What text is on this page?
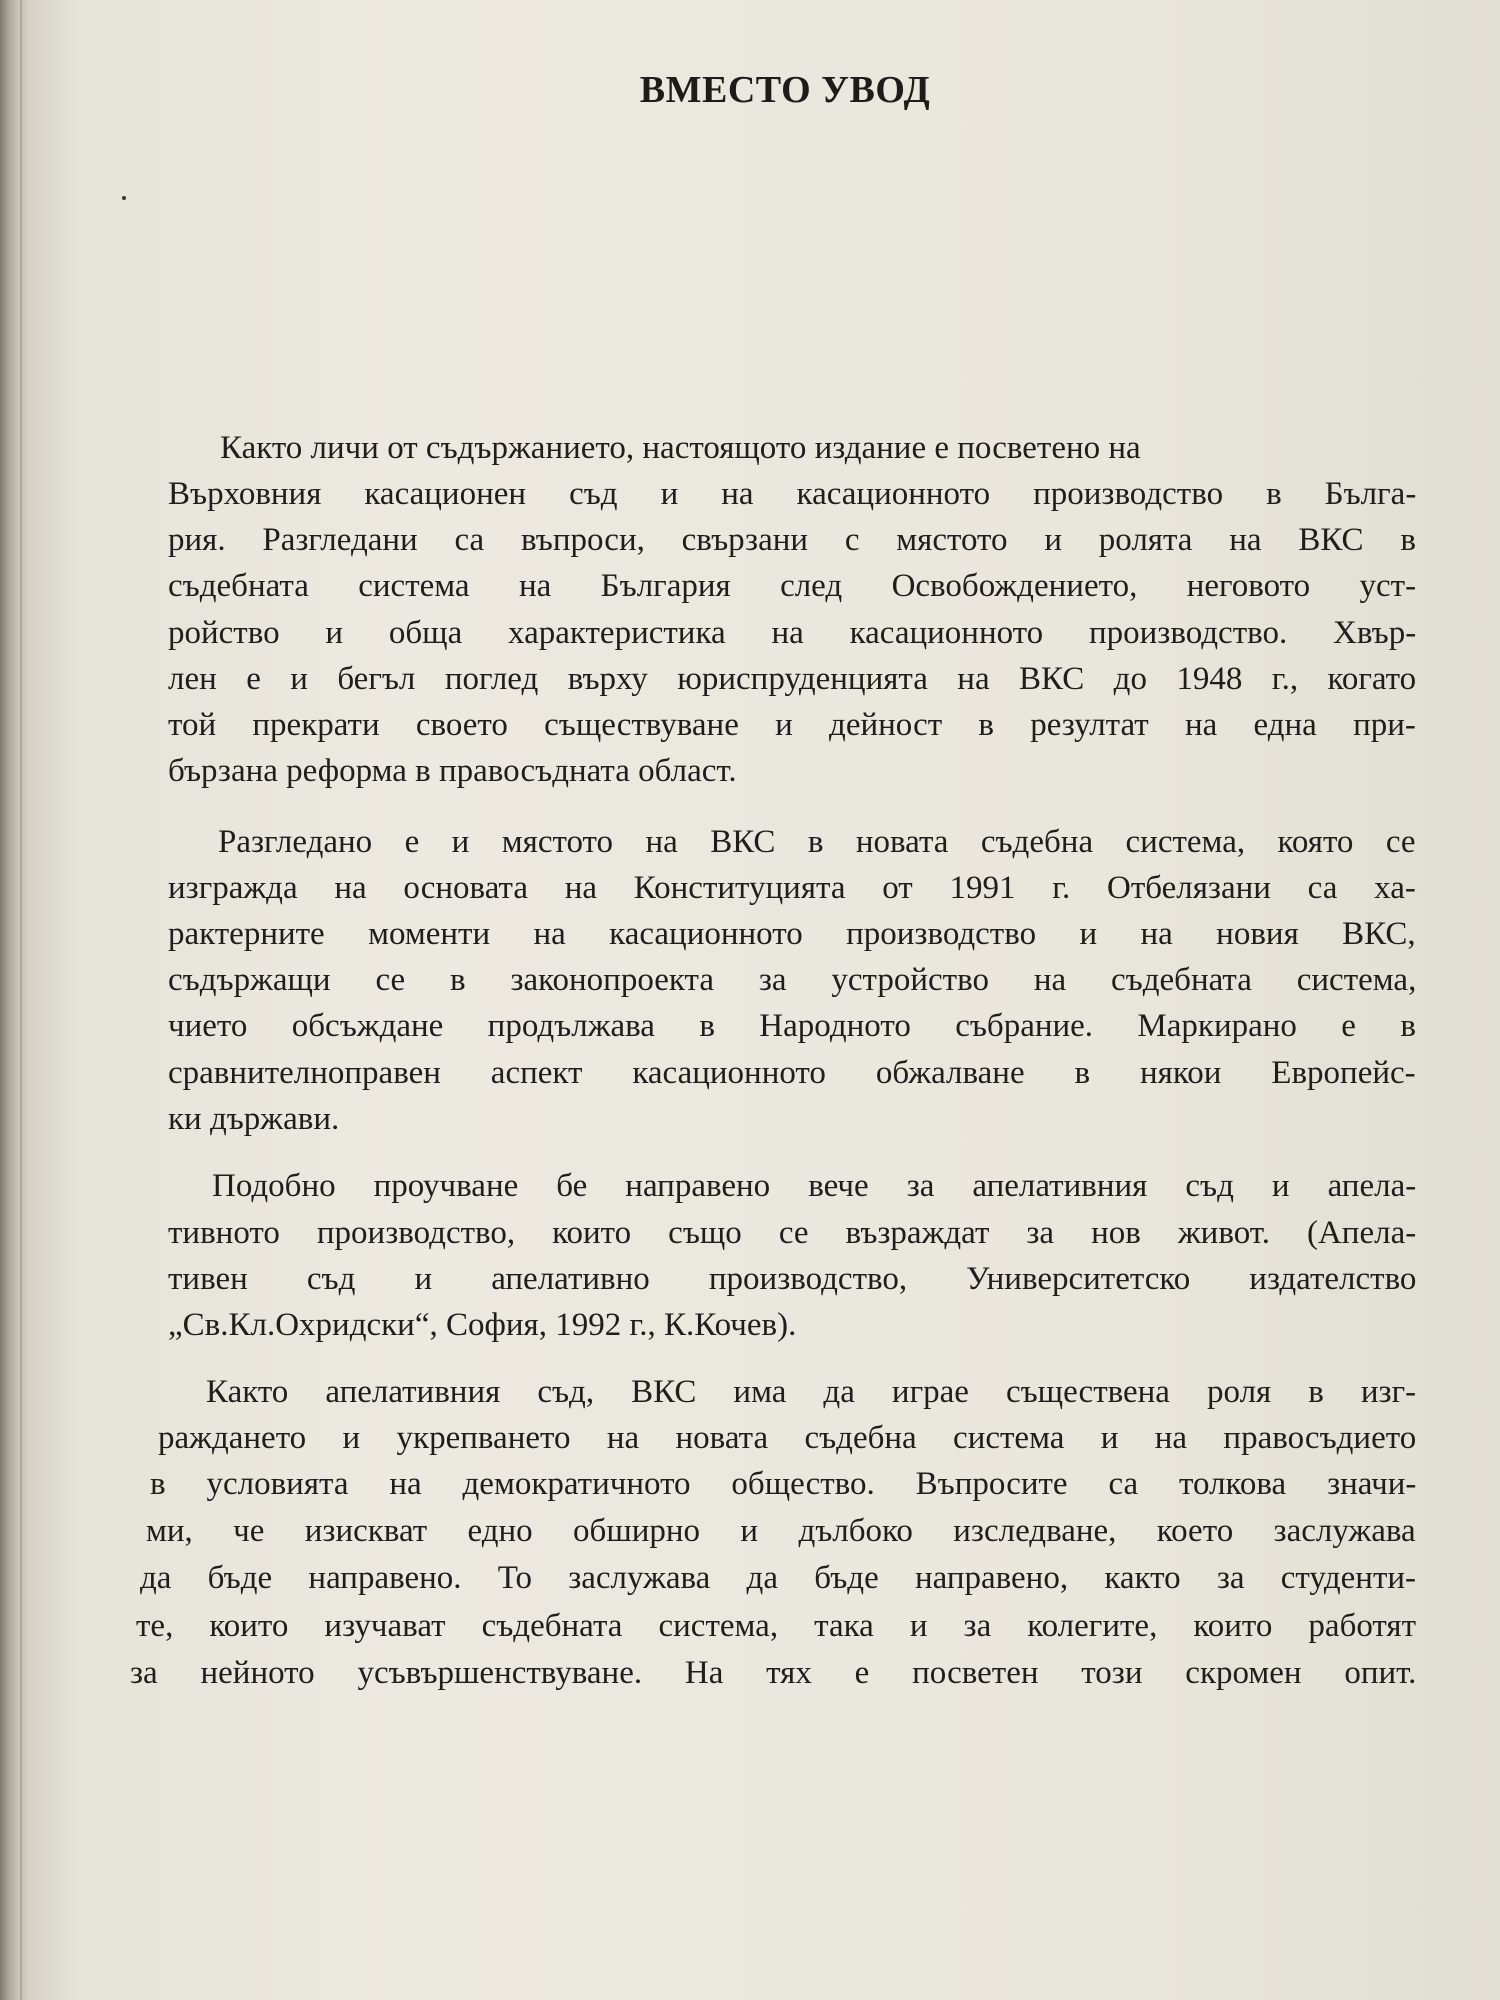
ВМЕСТО УВОД
Както личи от съдържанието, настоящото издание е посветено на
Върховния касационен съд и на касационното производство в Бълга-
рия. Разгледани са въпроси, свързани с мястото и ролята на ВКС в
съдебната система на България след Освобождението, неговото уст-
ройство и обща характеристика на касационното производство. Хвър-
лен е и бегъл поглед върху юриспруденцията на ВКС до 1948 г., когато
той прекрати своето съществуване и дейност в резултат на една при-
бързана реформа в правосъдната област.
Разгледано е и мястото на ВКС в новата съдебна система, която се
изгражда на основата на Конституцията от 1991 г. Отбелязани са ха-
рактерните моменти на касационното производство и на новия ВКС,
съдържащи се в законопроекта за устройство на съдебната система,
чието обсъждане продължава в Народното събрание. Маркирано е в
сравнителноправен аспект касационното обжалване в някои Европейс-
ки държави.
Подобно проучване бе направено вече за апелативния съд и апела-
тивното производство, които също се възраждат за нов живот. (Апела-
тивен съд и апелативно производство, Университетско издателство
„Св.Кл.Охридски“, София, 1992 г., К.Кочев).
Както апелативния съд, ВКС има да играе съществена роля в изг-
раждането и укрепването на новата съдебна система и на правосъдието
в условията на демократичното общество. Въпросите са толкова значи-
ми, че изискват едно обширно и дълбоко изследване, което заслужава
да бъде направено. То заслужава да бъде направено, както за студенти-
те, които изучават съдебната система, така и за колегите, които работят
за нейното усъвършенствуване. На тях е посветен този скромен опит.
